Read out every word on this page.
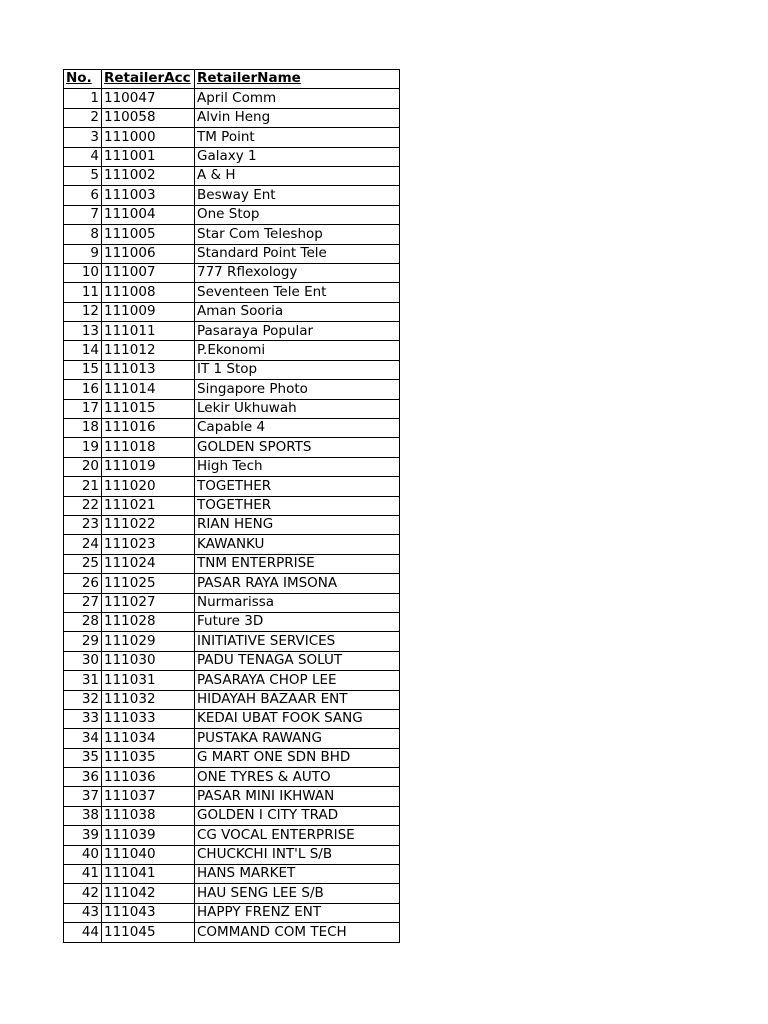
No.	RetailerAcc	RetailerName
1	110047	April Comm
2	110058	Alvin Heng
3	111000	TM Point
4	111001	Galaxy 1
5	111002	A & H
6	111003	Besway Ent
7	111004	One Stop
8	111005	Star Com Teleshop
9	111006	Standard Point Tele
10	111007	777 Rflexology
11	111008	Seventeen Tele Ent
12	111009	Aman Sooria
13	111011	Pasaraya Popular
14	111012	P.Ekonomi
15	111013	IT 1 Stop
16	111014	Singapore Photo
17	111015	Lekir Ukhuwah
18	111016	Capable 4
19	111018	GOLDEN SPORTS
20	111019	High Tech
21	111020	TOGETHER
22	111021	TOGETHER
23	111022	RIAN HENG
24	111023	KAWANKU
25	111024	TNM ENTERPRISE
26	111025	PASAR RAYA IMSONA
27	111027	Nurmarissa
28	111028	Future 3D
29	111029	INITIATIVE SERVICES
30	111030	PADU TENAGA SOLUT
31	111031	PASARAYA CHOP LEE
32	111032	HIDAYAH BAZAAR ENT
33	111033	KEDAI UBAT FOOK SANG
34	111034	PUSTAKA RAWANG
35	111035	G MART ONE SDN BHD
36	111036	ONE TYRES & AUTO
37	111037	PASAR MINI IKHWAN
38	111038	GOLDEN I CITY TRAD
39	111039	CG VOCAL ENTERPRISE
40	111040	CHUCKCHI INT'L S/B
41	111041	HANS MARKET
42	111042	HAU SENG LEE S/B
43	111043	HAPPY FRENZ ENT
44	111045	COMMAND COM TECH
